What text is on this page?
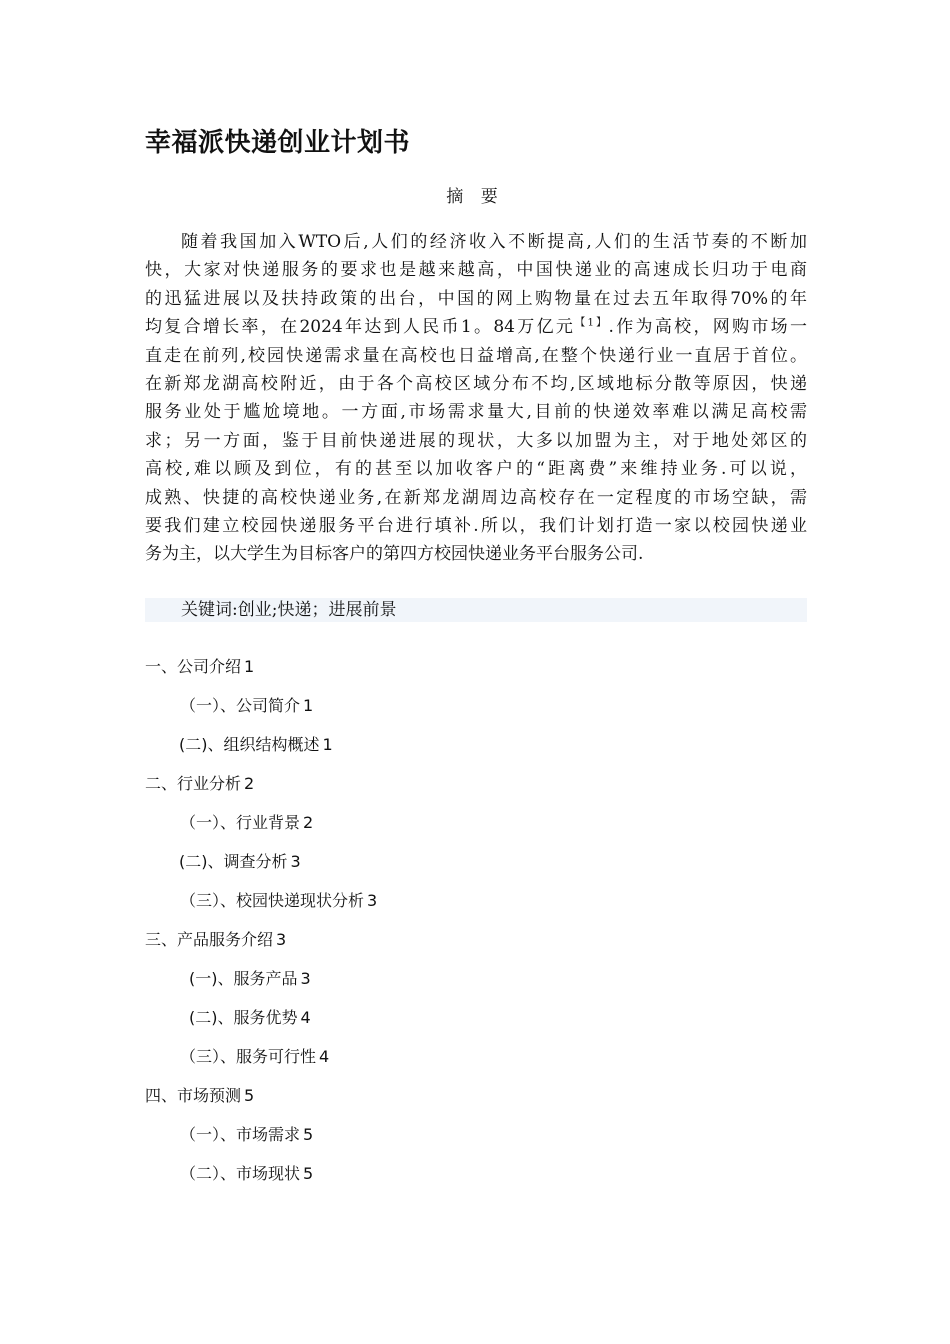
幸福派快递创业计划书
摘 要
随着我国加入WTO后,人们的经济收入不断提高,人们的生活节奏的不断加
快，大家对快递服务的要求也是越来越高，中国快递业的高速成长归功于电商
的迅猛进展以及扶持政策的出台，中国的网上购物量在过去五年取得70%的年
均复合增长率，在2024年达到人民币1。84万亿元$^{【1】}$.作为高校，网购市场一
直走在前列,校园快递需求量在高校也日益增高,在整个快递行业一直居于首位。
在新郑龙湖高校附近，由于各个高校区域分布不均,区域地标分散等原因，快递
服务业处于尴尬境地。一方面,市场需求量大,目前的快递效率难以满足高校需
求；另一方面，鉴于目前快递进展的现状，大多以加盟为主，对于地处郊区的
高校,难以顾及到位，有的甚至以加收客户的“距离费”来维持业务.可以说，
成熟、快捷的高校快递业务,在新郑龙湖周边高校存在一定程度的市场空缺，需
要我们建立校园快递服务平台进行填补.所以，我们计划打造一家以校园快递业
务为主，以大学生为目标客户的第四方校园快递业务平台服务公司.
关键词:创业;快递；进展前景
一、公司介绍 1
（一）、公司简介 1
(二)、组织结构概述 1
二、行业分析 2
（一）、行业背景 2
(二)、调查分析 3
（三）、校园快递现状分析 3
三、产品服务介绍 3
(一)、服务产品 3
(二)、服务优势 4
（三）、服务可行性 4
四、市场预测 5
（一）、市场需求 5
（二）、市场现状 5
